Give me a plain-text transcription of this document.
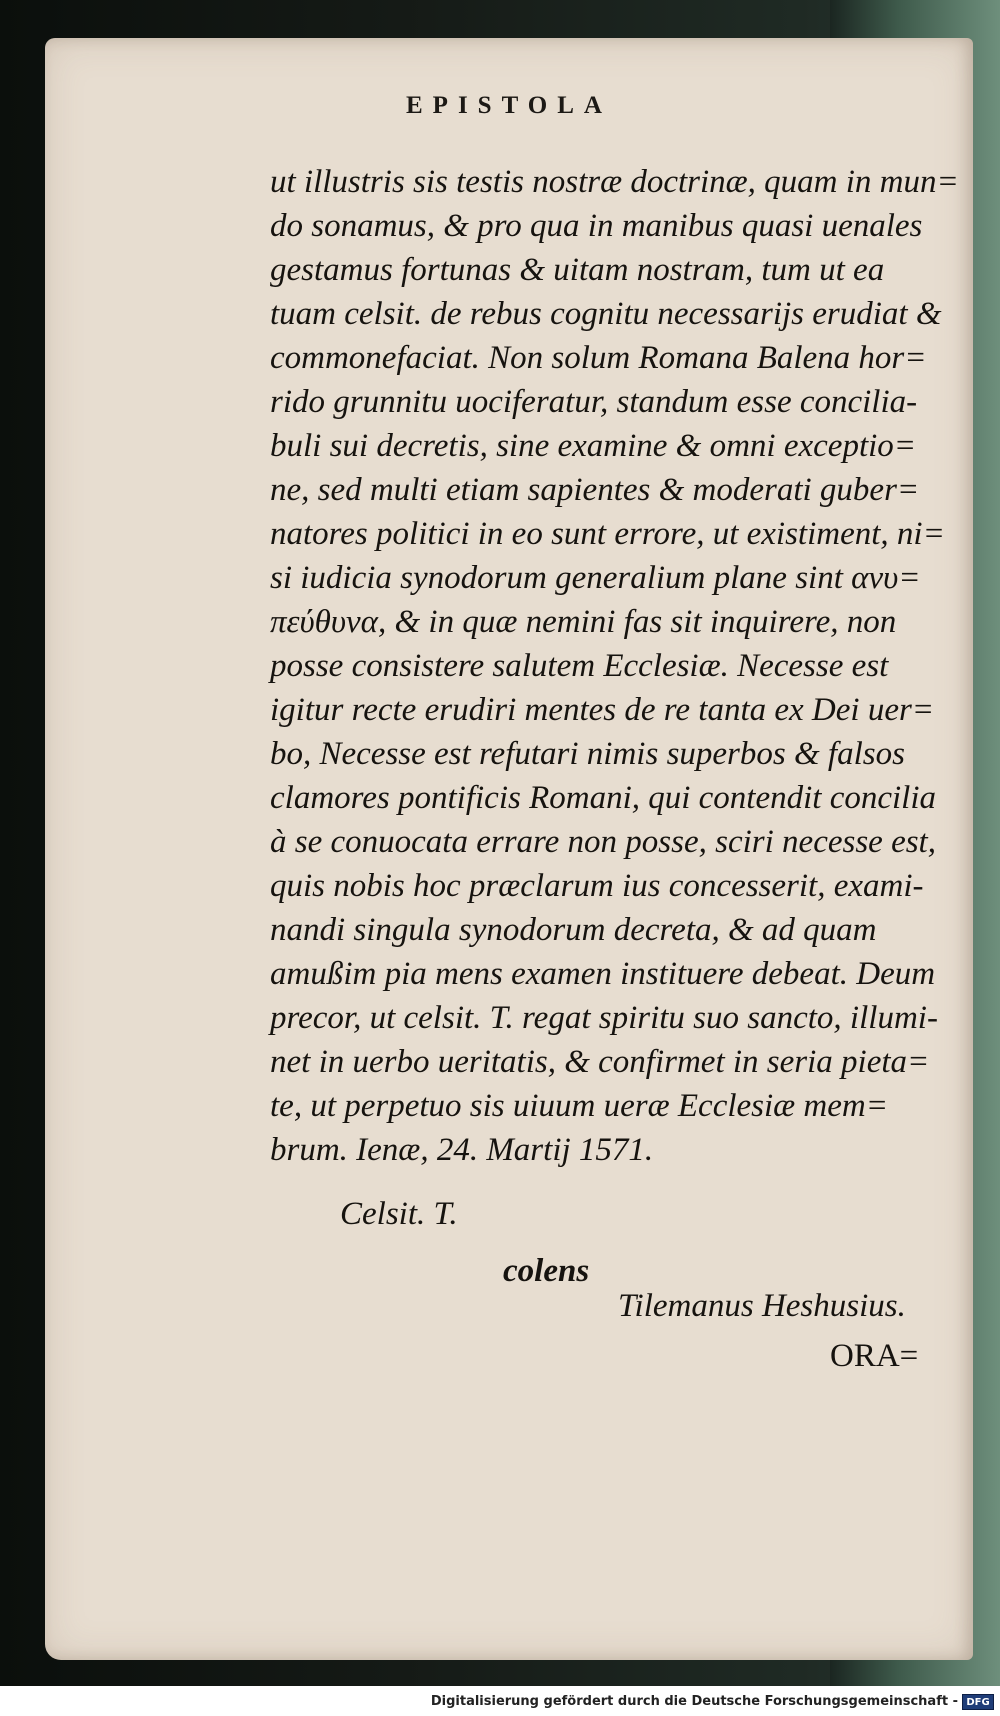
EPISTOLA
ut illustris sis testis nostræ doctrinæ, quam in mun=
do sonamus, & pro qua in manibus quasi uenales
gestamus fortunas & uitam nostram, tum ut ea
tuam celsit. de rebus cognitu necessarijs erudiat &
commonefaciat. Non solum Romana Balena hor=
rido grunnitu uociferatur, standum esse concilia-
buli sui decretis, sine examine & omni exceptio=
ne, sed multi etiam sapientes & moderati guber=
natores politici in eo sunt errore, ut existiment, ni=
si iudicia synodorum generalium plane sint ανυ=
πεύθυνα, & in quæ nemini fas sit inquirere, non
posse consistere salutem Ecclesiæ. Necesse est
igitur recte erudiri mentes de re tanta ex Dei uer=
bo, Necesse est refutari nimis superbos & falsos
clamores pontificis Romani, qui contendit concilia
à se conuocata errare non posse, sciri necesse est,
quis nobis hoc præclarum ius concesserit, exami-
nandi singula synodorum decreta, & ad quam
amußim pia mens examen instituere debeat. Deum
precor, ut celsit. T. regat spiritu suo sancto, illumi-
net in uerbo ueritatis, & confirmet in seria pieta=
te, ut perpetuo sis uiuum ueræ Ecclesiæ mem=
brum. Ienæ, 24. Martij 1571.

Celsit. T.

colens

Tilemanus Heshusius.

ORA=

Digitalisierung gefördert durch die Deutsche Forschungsgemeinschaft - DFG
